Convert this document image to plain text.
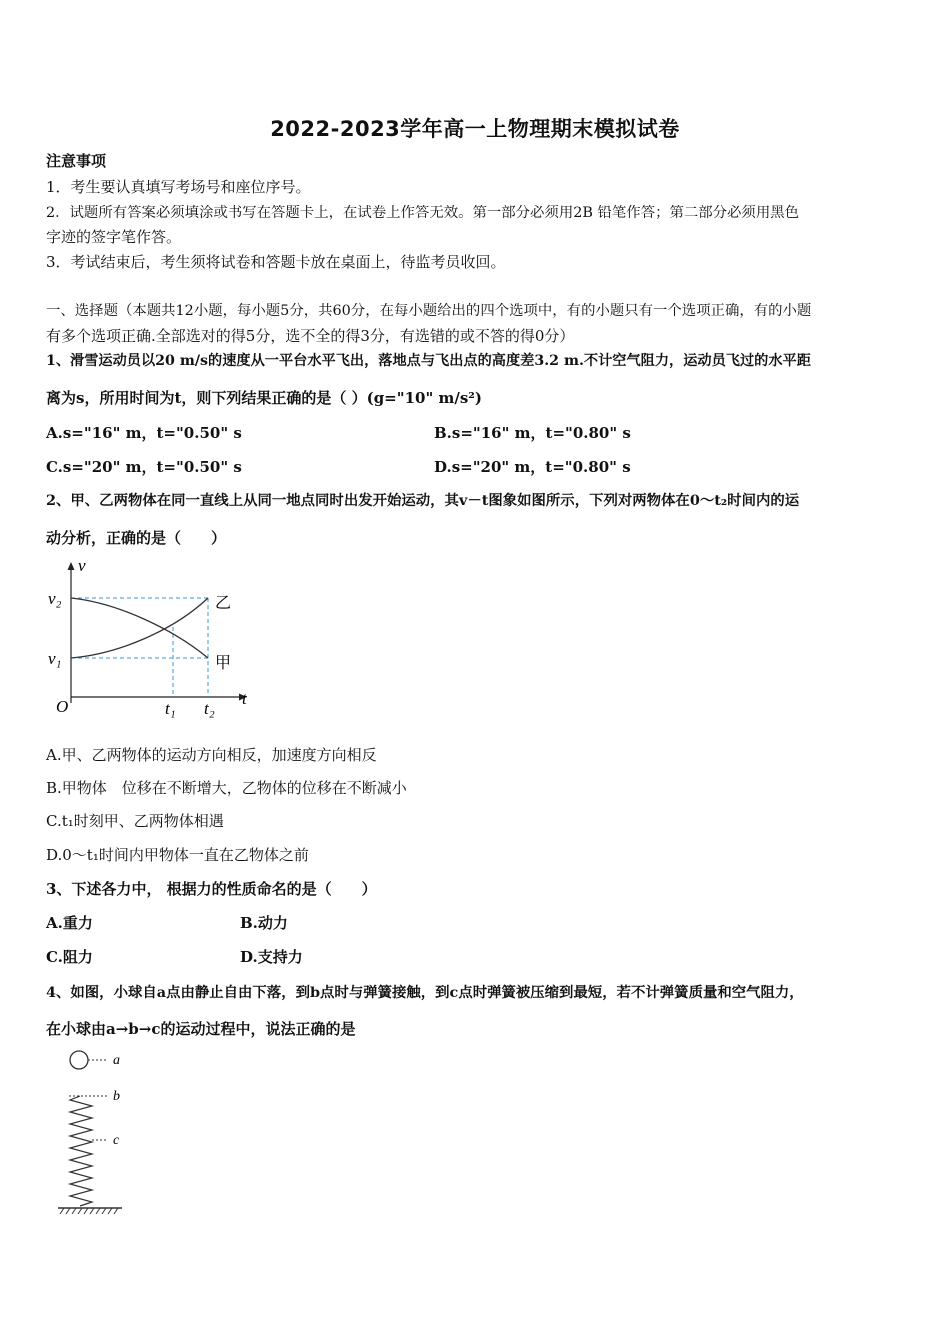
2022-2023学年高一上物理期末模拟试卷
注意事项
1．考生要认真填写考场号和座位序号。
2．试题所有答案必须填涂或书写在答题卡上，在试卷上作答无效。第一部分必须用2B 铅笔作答；第二部分必须用黑色
字迹的签字笔作答。
3．考试结束后，考生须将试卷和答题卡放在桌面上，待监考员收回。
一、选择题（本题共12小题，每小题5分，共60分，在每小题给出的四个选项中，有的小题只有一个选项正确，有的小题
有多个选项正确.全部选对的得5分，选不全的得3分，有选错的或不答的得0分）
1、滑雪运动员以20 m/s的速度从一平台水平飞出，落地点与飞出点的高度差3.2 m.不计空气阻力，运动员飞过的水平距
离为s，所用时间为t，则下列结果正确的是（ ）(g="10" m/s²)
A.s="16" m，t="0.50" s	B.s="16" m，t="0.80" s
C.s="20" m，t="0.50" s	D.s="20" m，t="0.80" s
2、甲、乙两物体在同一直线上从同一地点同时出发开始运动，其v－t图象如图所示，下列对两物体在0～t₂时间内的运
动分析，正确的是（　　）
v
t
O
v₂
v₁
t₁ t₂
乙
甲
A.甲、乙两物体的运动方向相反，加速度方向相反
B.甲物体　位移在不断增大，乙物体的位移在不断减小
C.t₁时刻甲、乙两物体相遇
D.0～t₁时间内甲物体一直在乙物体之前
3、下述各力中， 根据力的性质命名的是（　　）
A.重力	B.动力
C.阻力	D.支持力
4、如图，小球自a点由静止自由下落，到b点时与弹簧接触，到c点时弹簧被压缩到最短，若不计弹簧质量和空气阻力，
在小球由a→b→c的运动过程中，说法正确的是
a
b
c
